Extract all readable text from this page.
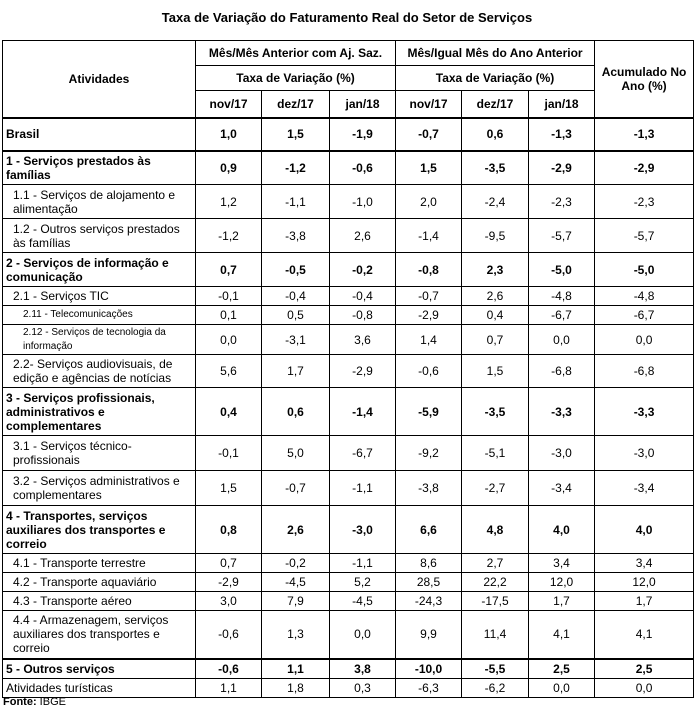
Taxa de Variação do Faturamento Real do Setor de Serviços
Atividades	Mês/Mês Anterior com Aj. Saz.			Mês/Igual Mês do Ano Anterior			Acumulado No Ano (%)
	Taxa de Variação (%)			Taxa de Variação (%)			
	nov/17	dez/17	jan/18	nov/17	dez/17	jan/18	
Brasil	1,0	1,5	-1,9	-0,7	0,6	-1,3	-1,3
1 - Serviços prestados às famílias	0,9	-1,2	-0,6	1,5	-3,5	-2,9	-2,9
1.1 - Serviços de alojamento e alimentação	1,2	-1,1	-1,0	2,0	-2,4	-2,3	-2,3
1.2 - Outros serviços prestados às famílias	-1,2	-3,8	2,6	-1,4	-9,5	-5,7	-5,7
2 - Serviços de informação e comunicação	0,7	-0,5	-0,2	-0,8	2,3	-5,0	-5,0
2.1 - Serviços TIC	-0,1	-0,4	-0,4	-0,7	2,6	-4,8	-4,8
2.11 - Telecomunicações	0,1	0,5	-0,8	-2,9	0,4	-6,7	-6,7
2.12 - Serviços de tecnologia da informação	0,0	-3,1	3,6	1,4	0,7	0,0	0,0
2.2- Serviços audiovisuais, de edição e agências de notícias	5,6	1,7	-2,9	-0,6	1,5	-6,8	-6,8
3 - Serviços profissionais, administrativos e complementares	0,4	0,6	-1,4	-5,9	-3,5	-3,3	-3,3
3.1 - Serviços técnico-profissionais	-0,1	5,0	-6,7	-9,2	-5,1	-3,0	-3,0
3.2 - Serviços administrativos e complementares	1,5	-0,7	-1,1	-3,8	-2,7	-3,4	-3,4
4 - Transportes, serviços auxiliares dos transportes e correio	0,8	2,6	-3,0	6,6	4,8	4,0	4,0
4.1 - Transporte terrestre	0,7	-0,2	-1,1	8,6	2,7	3,4	3,4
4.2 - Transporte aquaviário	-2,9	-4,5	5,2	28,5	22,2	12,0	12,0
4.3 - Transporte aéreo	3,0	7,9	-4,5	-24,3	-17,5	1,7	1,7
4.4 - Armazenagem, serviços auxiliares dos transportes e correio	-0,6	1,3	0,0	9,9	11,4	4,1	4,1
5 - Outros serviços	-0,6	1,1	3,8	-10,0	-5,5	2,5	2,5
Atividades turísticas	1,1	1,8	0,3	-6,3	-6,2	0,0	0,0
Fonte: IBGE
